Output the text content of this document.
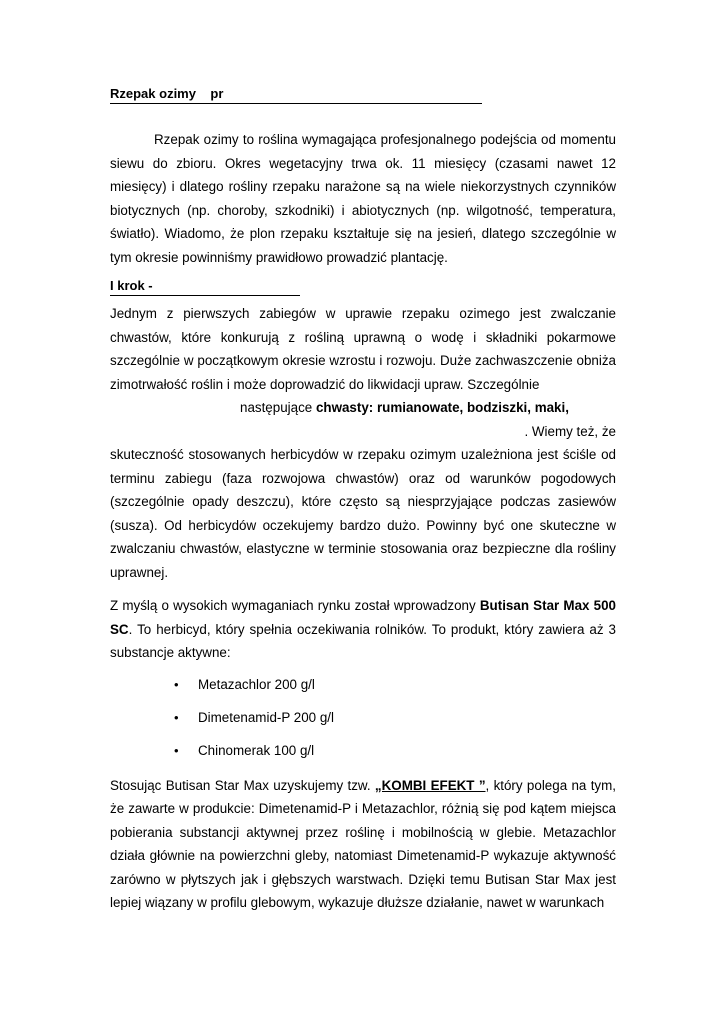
Rzepak ozimy    pr

Rzepak ozimy to roślina wymagająca profesjonalnego podejścia od momentu siewu do zbioru. Okres wegetacyjny trwa ok. 11 miesięcy (czasami nawet 12 miesięcy) i dlatego rośliny rzepaku narażone są na wiele niekorzystnych czynników biotycznych (np. choroby, szkodniki) i abiotycznych (np. wilgotność, temperatura, światło). Wiadomo, że plon rzepaku kształtuje się na jesień, dlatego szczególnie w tym okresie powinniśmy prawidłowo prowadzić plantację.

I krok -

Jednym z pierwszych zabiegów w uprawie rzepaku ozimego jest zwalczanie chwastów, które konkurują z rośliną uprawną o wodę i składniki pokarmowe szczególnie w początkowym okresie wzrostu i rozwoju. Duże zachwaszczenie obniża zimotrwałość roślin i może doprowadzić do likwidacji upraw. Szczególnie

następujące chwasty: rumianowate, bodziszki, maki,

. Wiemy też, że

skuteczność stosowanych herbicydów w rzepaku ozimym uzależniona jest ściśle od terminu zabiegu (faza rozwojowa chwastów) oraz od warunków pogodowych (szczególnie opady deszczu), które często są niesprzyjające podczas zasiewów (susza). Od herbicydów oczekujemy bardzo dużo. Powinny być one skuteczne w zwalczaniu chwastów, elastyczne w terminie stosowania oraz bezpieczne dla rośliny uprawnej.

Z myślą o wysokich wymaganiach rynku został wprowadzony Butisan Star Max 500 SC. To herbicyd, który spełnia oczekiwania rolników. To produkt, który zawiera aż 3 substancje aktywne:

• Metazachlor 200 g/l
• Dimetenamid-P 200 g/l
• Chinomerak 100 g/l

Stosując Butisan Star Max uzyskujemy tzw. „KOMBI EFEKT ”, który polega na tym, że zawarte w produkcie: Dimetenamid-P i Metazachlor, różnią się pod kątem miejsca pobierania substancji aktywnej przez roślinę i mobilnością w glebie. Metazachlor działa głównie na powierzchni gleby, natomiast Dimetenamid-P wykazuje aktywność zarówno w płytszych jak i głębszych warstwach. Dzięki temu Butisan Star Max jest lepiej wiązany w profilu glebowym, wykazuje dłuższe działanie, nawet w warunkach
